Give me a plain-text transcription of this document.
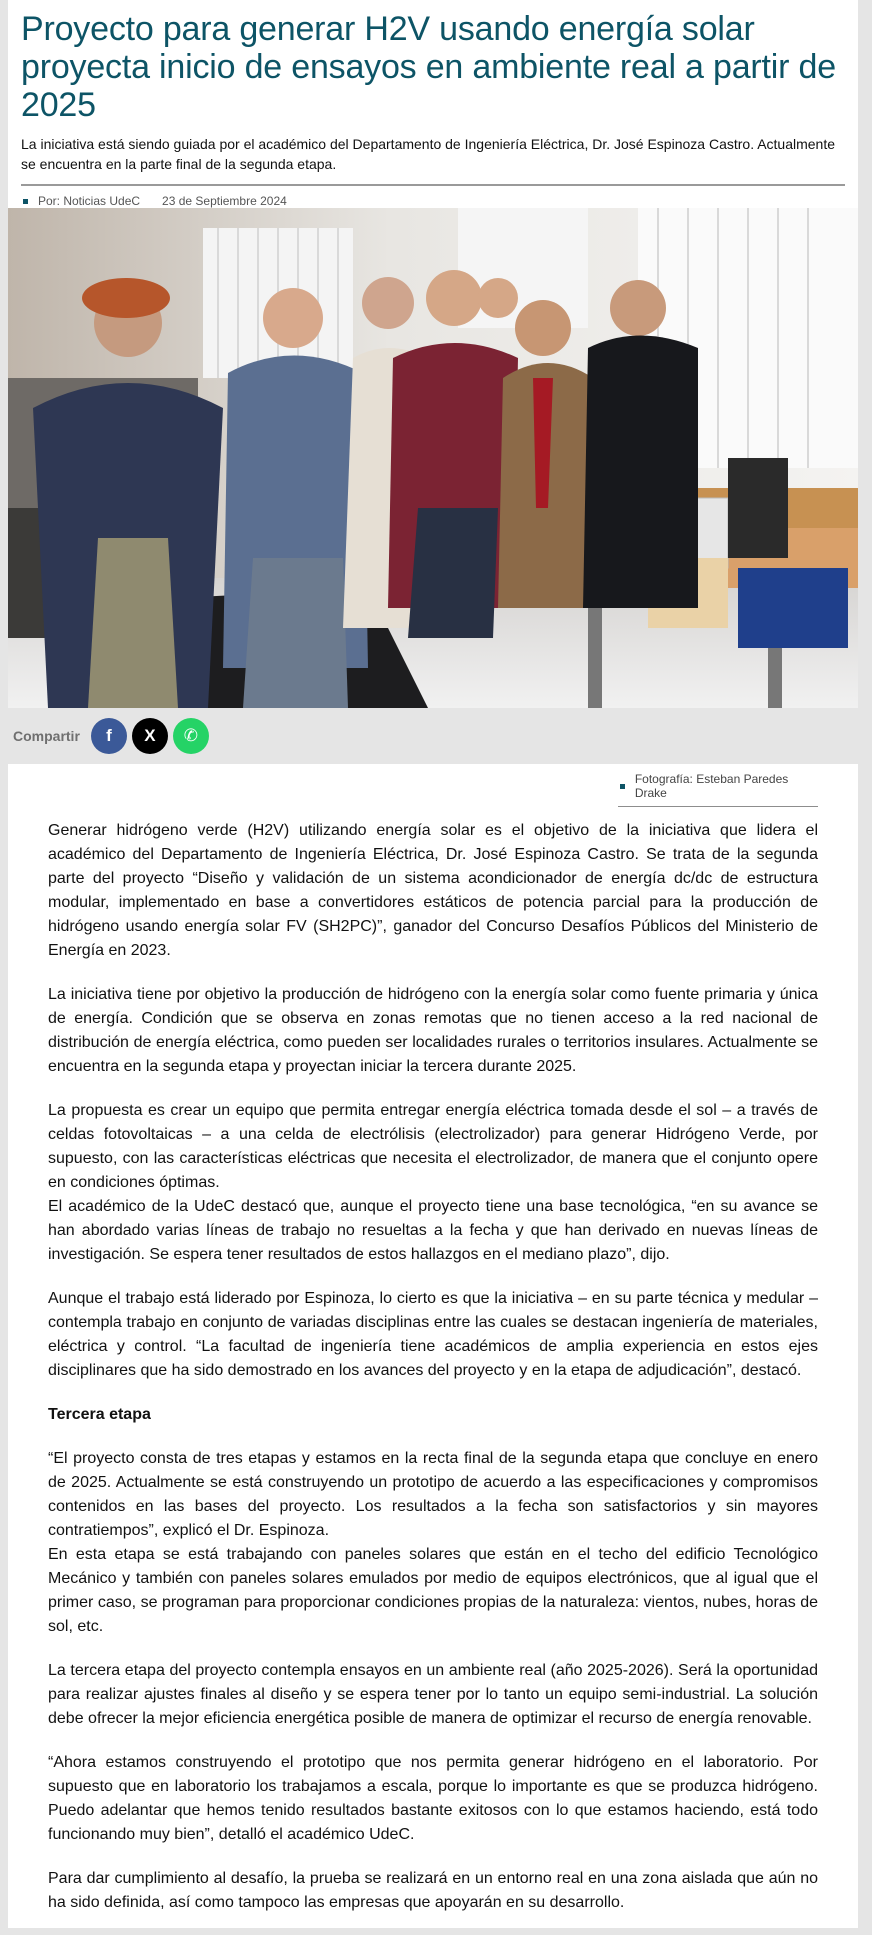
Proyecto para generar H2V usando energía solar proyecta inicio de ensayos en ambiente real a partir de 2025

La iniciativa está siendo guiada por el académico del Departamento de Ingeniería Eléctrica, Dr. José Espinoza Castro. Actualmente se encuentra en la parte final de la segunda etapa.

Por: Noticias UdeC 23 de Septiembre 2024
Compartir f X ✆
Fotografía: Esteban Paredes Drake

Generar hidrógeno verde (H2V) utilizando energía solar es el objetivo de la iniciativa que lidera el académico del Departamento de Ingeniería Eléctrica, Dr. José Espinoza Castro. Se trata de la segunda parte del proyecto “Diseño y validación de un sistema acondicionador de energía dc/dc de estructura modular, implementado en base a convertidores estáticos de potencia parcial para la producción de hidrógeno usando energía solar FV (SH2PC)”, ganador del Concurso Desafíos Públicos del Ministerio de Energía en 2023.

La iniciativa tiene por objetivo la producción de hidrógeno con la energía solar como fuente primaria y única de energía. Condición que se observa en zonas remotas que no tienen acceso a la red nacional de distribución de energía eléctrica, como pueden ser localidades rurales o territorios insulares. Actualmente se encuentra en la segunda etapa y proyectan iniciar la tercera durante 2025.

La propuesta es crear un equipo que permita entregar energía eléctrica tomada desde el sol – a través de celdas fotovoltaicas – a una celda de electrólisis (electrolizador) para generar Hidrógeno Verde, por supuesto, con las características eléctricas que necesita el electrolizador, de manera que el conjunto opere en condiciones óptimas.

El académico de la UdeC destacó que, aunque el proyecto tiene una base tecnológica, “en su avance se han abordado varias líneas de trabajo no resueltas a la fecha y que han derivado en nuevas líneas de investigación. Se espera tener resultados de estos hallazgos en el mediano plazo”, dijo.

Aunque el trabajo está liderado por Espinoza, lo cierto es que la iniciativa – en su parte técnica y medular – contempla trabajo en conjunto de variadas disciplinas entre las cuales se destacan ingeniería de materiales, eléctrica y control. “La facultad de ingeniería tiene académicos de amplia experiencia en estos ejes disciplinares que ha sido demostrado en los avances del proyecto y en la etapa de adjudicación”, destacó.

Tercera etapa

“El proyecto consta de tres etapas y estamos en la recta final de la segunda etapa que concluye en enero de 2025. Actualmente se está construyendo un prototipo de acuerdo a las especificaciones y compromisos contenidos en las bases del proyecto. Los resultados a la fecha son satisfactorios y sin mayores contratiempos”, explicó el Dr. Espinoza.

En esta etapa se está trabajando con paneles solares que están en el techo del edificio Tecnológico Mecánico y también con paneles solares emulados por medio de equipos electrónicos, que al igual que el primer caso, se programan para proporcionar condiciones propias de la naturaleza: vientos, nubes, horas de sol, etc.

La tercera etapa del proyecto contempla ensayos en un ambiente real (año 2025-2026). Será la oportunidad para realizar ajustes finales al diseño y se espera tener por lo tanto un equipo semi-industrial. La solución debe ofrecer la mejor eficiencia energética posible de manera de optimizar el recurso de energía renovable.

“Ahora estamos construyendo el prototipo que nos permita generar hidrógeno en el laboratorio. Por supuesto que en laboratorio los trabajamos a escala, porque lo importante es que se produzca hidrógeno. Puedo adelantar que hemos tenido resultados bastante exitosos con lo que estamos haciendo, está todo funcionando muy bien”, detalló el académico UdeC.

Para dar cumplimiento al desafío, la prueba se realizará en un entorno real en una zona aislada que aún no ha sido definida, así como tampoco las empresas que apoyarán en su desarrollo.
